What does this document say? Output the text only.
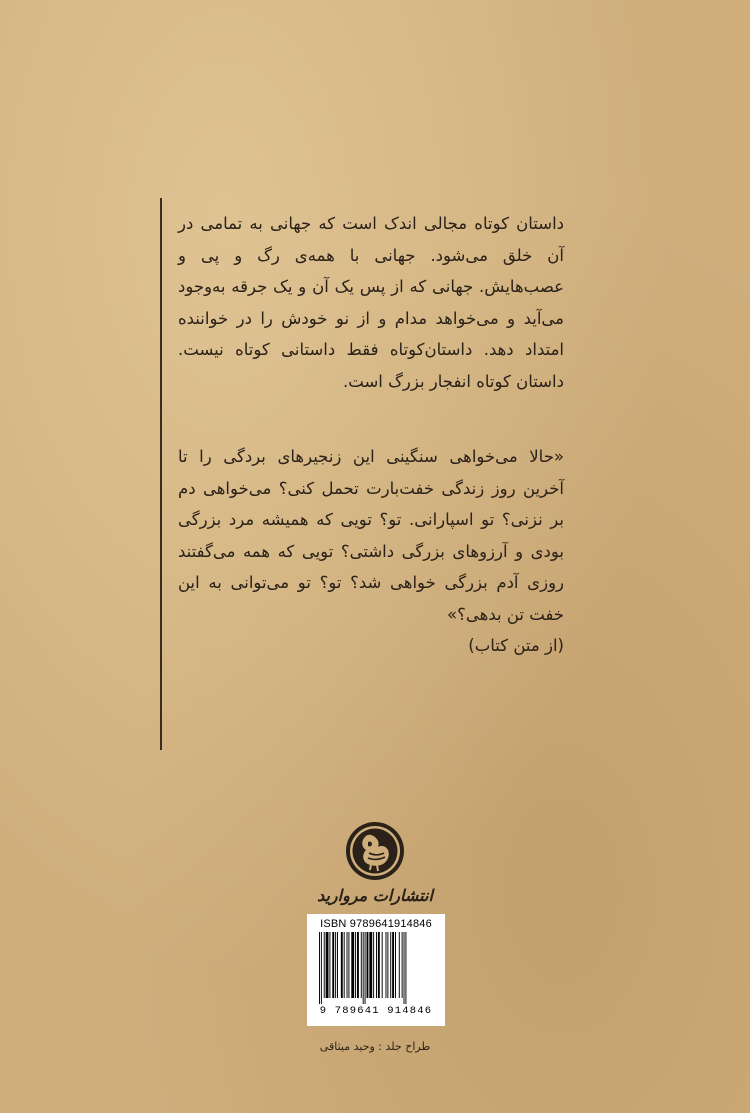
داستان کوتاه مجالی اندک است که جهانی به تمامی در آن خلق می‌شود. جهانی با همه‌ی رگ و پی و عصب‌هایش. جهانی که از پس یک آن و یک جرقه به‌وجود می‌آید و می‌خواهد مدام و از نو خودش را در خواننده امتداد دهد. داستان‌کوتاه فقط داستانی کوتاه نیست. داستان کوتاه انفجار بزرگ است.

«حالا می‌خواهی سنگینی این زنجیرهای بردگی را تا آخرین روز زندگی خفت‌بارت تحمل کنی؟ می‌خواهی دم بر نزنی؟ تو اسپارانی. تو؟ تویی که همیشه مرد بزرگی بودی و آرزوهای بزرگی داشتی؟ تویی که همه می‌گفتند روزی آدم بزرگی خواهی شد؟ تو؟ تو می‌توانی به این خفت تن بدهی؟»

(از متن کتاب)

انتشارات مروارید
ISBN 9789641914846
9 789641 914846
طراح جلد : وحید میثاقی
